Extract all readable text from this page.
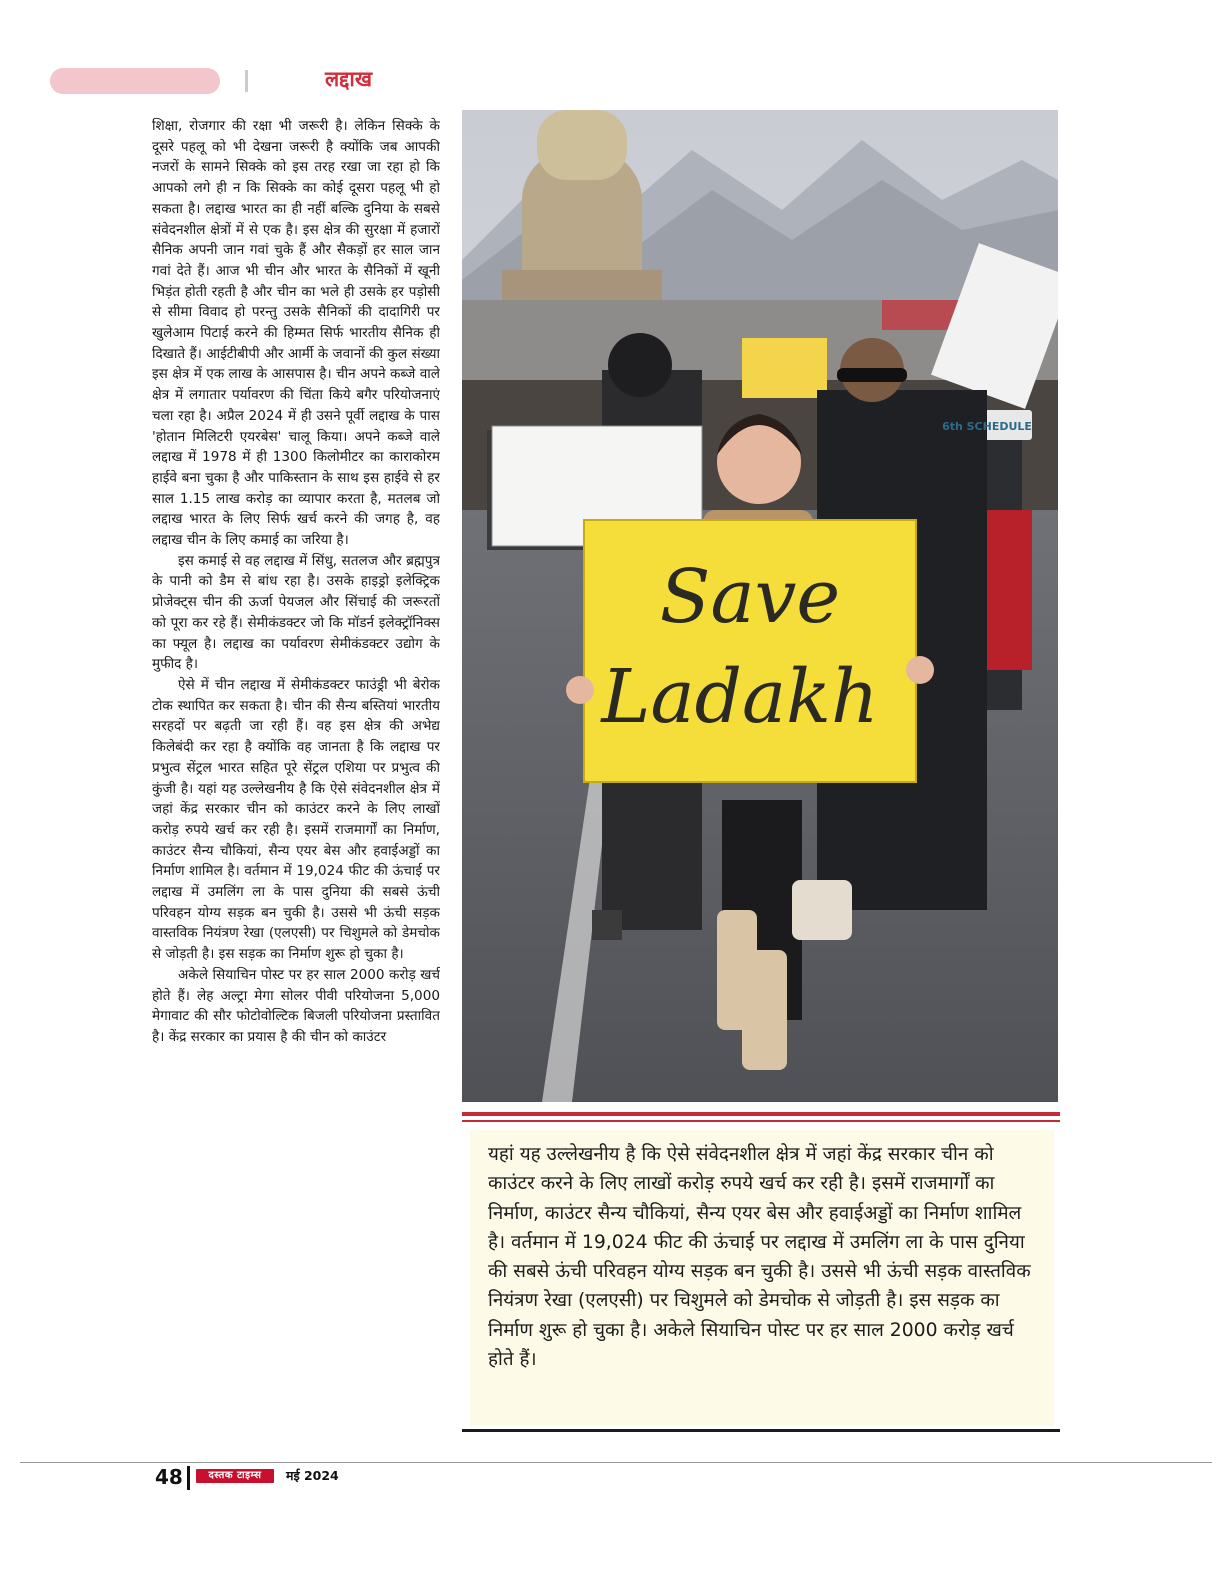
लद्दाख

शिक्षा, रोजगार की रक्षा भी जरूरी है। लेकिन सिक्के के दूसरे पहलू को भी देखना जरूरी है क्योंकि जब आपकी नजरों के सामने सिक्के को इस तरह रखा जा रहा हो कि आपको लगे ही न कि सिक्के का कोई दूसरा पहलू भी हो सकता है। लद्दाख भारत का ही नहीं बल्कि दुनिया के सबसे संवेदनशील क्षेत्रों में से एक है। इस क्षेत्र की सुरक्षा में हजारों सैनिक अपनी जान गवां चुके हैं और सैकड़ों हर साल जान गवां देते हैं। आज भी चीन और भारत के सैनिकों में खूनी भिड़ंत होती रहती है और चीन का भले ही उसके हर पड़ोसी से सीमा विवाद हो परन्तु उसके सैनिकों की दादागिरी पर खुलेआम पिटाई करने की हिम्मत सिर्फ भारतीय सैनिक ही दिखाते हैं। आईटीबीपी और आर्मी के जवानों की कुल संख्या इस क्षेत्र में एक लाख के आसपास है। चीन अपने कब्जे वाले क्षेत्र में लगातार पर्यावरण की चिंता किये बगैर परियोजनाएं चला रहा है। अप्रैल 2024 में ही उसने पूर्वी लद्दाख के पास 'होतान मिलिटरी एयरबेस' चालू किया। अपने कब्जे वाले लद्दाख में 1978 में ही 1300 किलोमीटर का काराकोरम हाईवे बना चुका है और पाकिस्तान के साथ इस हाईवे से हर साल 1.15 लाख करोड़ का व्यापार करता है, मतलब जो लद्दाख भारत के लिए सिर्फ खर्च करने की जगह है, वह लद्दाख चीन के लिए कमाई का जरिया है।

इस कमाई से वह लद्दाख में सिंधु, सतलज और ब्रह्मपुत्र के पानी को डैम से बांध रहा है। उसके हाइड्रो इलेक्ट्रिक प्रोजेक्ट्स चीन की ऊर्जा पेयजल और सिंचाई की जरूरतों को पूरा कर रहे हैं। सेमीकंडक्टर जो कि मॉडर्न इलेक्ट्रॉनिक्स का फ्यूल है। लद्दाख का पर्यावरण सेमीकंडक्टर उद्योग के मुफीद है।

ऐसे में चीन लद्दाख में सेमीकंडक्टर फाउंड्री भी बेरोक टोक स्थापित कर सकता है। चीन की सैन्य बस्तियां भारतीय सरहदों पर बढ़ती जा रही हैं। वह इस क्षेत्र की अभेद्य किलेबंदी कर रहा है क्योंकि वह जानता है कि लद्दाख पर प्रभुत्व सेंट्रल भारत सहित पूरे सेंट्रल एशिया पर प्रभुत्व की कुंजी है। यहां यह उल्लेखनीय है कि ऐसे संवेदनशील क्षेत्र में जहां केंद्र सरकार चीन को काउंटर करने के लिए लाखों करोड़ रुपये खर्च कर रही है। इसमें राजमार्गों का निर्माण, काउंटर सैन्य चौकियां, सैन्य एयर बेस और हवाईअड्डों का निर्माण शामिल है। वर्तमान में 19,024 फीट की ऊंचाई पर लद्दाख में उमलिंग ला के पास दुनिया की सबसे ऊंची परिवहन योग्य सड़क बन चुकी है। उससे भी ऊंची सड़क वास्तविक नियंत्रण रेखा (एलएसी) पर चिशुमले को डेमचोक से जोड़ती है। इस सड़क का निर्माण शुरू हो चुका है।

अकेले सियाचिन पोस्ट पर हर साल 2000 करोड़ खर्च होते हैं। लेह अल्ट्रा मेगा सोलर पीवी परियोजना 5,000 मेगावाट की सौर फोटोवोल्टिक बिजली परियोजना प्रस्तावित है। केंद्र सरकार का प्रयास है की चीन को काउंटर

Save
Ladakh
6th SCHEDULE

यहां यह उल्लेखनीय है कि ऐसे संवेदनशील क्षेत्र में जहां केंद्र सरकार चीन को काउंटर करने के लिए लाखों करोड़ रुपये खर्च कर रही है। इसमें राजमार्गों का निर्माण, काउंटर सैन्य चौकियां, सैन्य एयर बेस और हवाईअड्डों का निर्माण शामिल है। वर्तमान में 19,024 फीट की ऊंचाई पर लद्दाख में उमलिंग ला के पास दुनिया की सबसे ऊंची परिवहन योग्य सड़क बन चुकी है। उससे भी ऊंची सड़क वास्तविक नियंत्रण रेखा (एलएसी) पर चिशुमले को डेमचोक से जोड़ती है। इस सड़क का निर्माण शुरू हो चुका है। अकेले सियाचिन पोस्ट पर हर साल 2000 करोड़ खर्च होते हैं।

48	दस्तक टाइम्स	मई 2024
